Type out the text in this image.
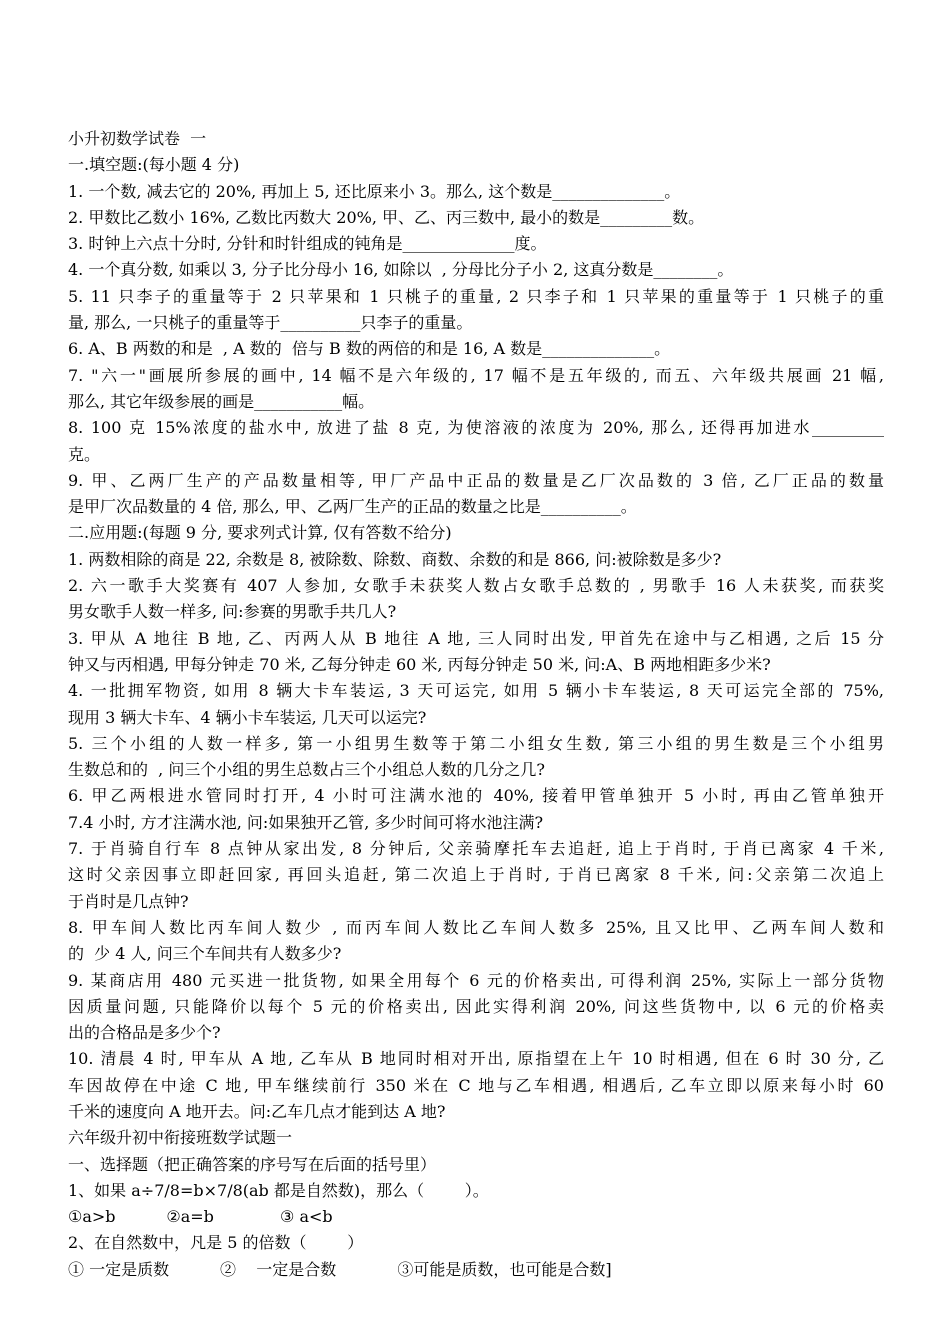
小升初数学试卷  一
一.填空题:(每小题 4 分)
1. 一个数, 减去它的 20%, 再加上 5, 还比原来小 3。那么, 这个数是______________。
2. 甲数比乙数小 16%, 乙数比丙数大 20%, 甲、乙、丙三数中, 最小的数是_________数。
3. 时钟上六点十分时, 分针和时针组成的钝角是______________度。
4. 一个真分数, 如乘以 3, 分子比分母小 16, 如除以  , 分母比分子小 2, 这真分数是________。
5. 11 只李子的重量等于 2 只苹果和 1 只桃子的重量, 2 只李子和 1 只苹果的重量等于 1 只桃子的重
量, 那么, 一只桃子的重量等于__________只李子的重量。
6. A、B 两数的和是  , A 数的  倍与 B 数的两倍的和是 16, A 数是______________。
7. "六一"画展所参展的画中, 14 幅不是六年级的, 17 幅不是五年级的, 而五、六年级共展画 21 幅,
那么, 其它年级参展的画是___________幅。
8. 100 克 15%浓度的盐水中, 放进了盐 8 克, 为使溶液的浓度为 20%, 那么, 还得再加进水_________
克。
9. 甲、乙两厂生产的产品数量相等, 甲厂产品中正品的数量是乙厂次品数的 3 倍, 乙厂正品的数量
是甲厂次品数量的 4 倍, 那么, 甲、乙两厂生产的正品的数量之比是__________。
二.应用题:(每题 9 分, 要求列式计算, 仅有答数不给分)
1. 两数相除的商是 22, 余数是 8, 被除数、除数、商数、余数的和是 866, 问:被除数是多少?
2. 六一歌手大奖赛有 407 人参加, 女歌手未获奖人数占女歌手总数的 , 男歌手 16 人未获奖, 而获奖
男女歌手人数一样多, 问:参赛的男歌手共几人?
3. 甲从 A 地往 B 地, 乙、丙两人从 B 地往 A 地, 三人同时出发, 甲首先在途中与乙相遇, 之后 15 分
钟又与丙相遇, 甲每分钟走 70 米, 乙每分钟走 60 米, 丙每分钟走 50 米, 问:A、B 两地相距多少米?
4. 一批拥军物资, 如用 8 辆大卡车装运, 3 天可运完, 如用 5 辆小卡车装运, 8 天可运完全部的 75%,
现用 3 辆大卡车、4 辆小卡车装运, 几天可以运完?
5. 三个小组的人数一样多, 第一小组男生数等于第二小组女生数, 第三小组的男生数是三个小组男
生数总和的  , 问三个小组的男生总数占三个小组总人数的几分之几?
6. 甲乙两根进水管同时打开, 4 小时可注满水池的 40%, 接着甲管单独开 5 小时, 再由乙管单独开
7.4 小时, 方才注满水池, 问:如果独开乙管, 多少时间可将水池注满?
7. 于肖骑自行车 8 点钟从家出发, 8 分钟后, 父亲骑摩托车去追赶, 追上于肖时, 于肖已离家 4 千米,
这时父亲因事立即赶回家, 再回头追赶, 第二次追上于肖时, 于肖已离家 8 千米, 问:父亲第二次追上
于肖时是几点钟?
8. 甲车间人数比丙车间人数少 , 而丙车间人数比乙车间人数多 25%, 且又比甲、乙两车间人数和
的  少 4 人, 问三个车间共有人数多少?
9. 某商店用 480 元买进一批货物, 如果全用每个 6 元的价格卖出, 可得利润 25%, 实际上一部分货物
因质量问题, 只能降价以每个 5 元的价格卖出, 因此实得利润 20%, 问这些货物中, 以 6 元的价格卖
出的合格品是多少个?
10. 清晨 4 时, 甲车从 A 地, 乙车从 B 地同时相对开出, 原指望在上午 10 时相遇, 但在 6 时 30 分, 乙
车因故停在中途 C 地, 甲车继续前行 350 米在 C 地与乙车相遇, 相遇后, 乙车立即以原来每小时 60
千米的速度向 A 地开去。问:乙车几点才能到达 A 地?
六年级升初中衔接班数学试题一
一、选择题（把正确答案的序号写在后面的括号里）
1、如果 a÷7/8=b×7/8(ab 都是自然数)，那么（        ）。
①a>b          ②a=b             ③ a<b
2、在自然数中，凡是 5 的倍数（        ）
① 一定是质数          ②    一定是合数            ③可能是质数，也可能是合数]
